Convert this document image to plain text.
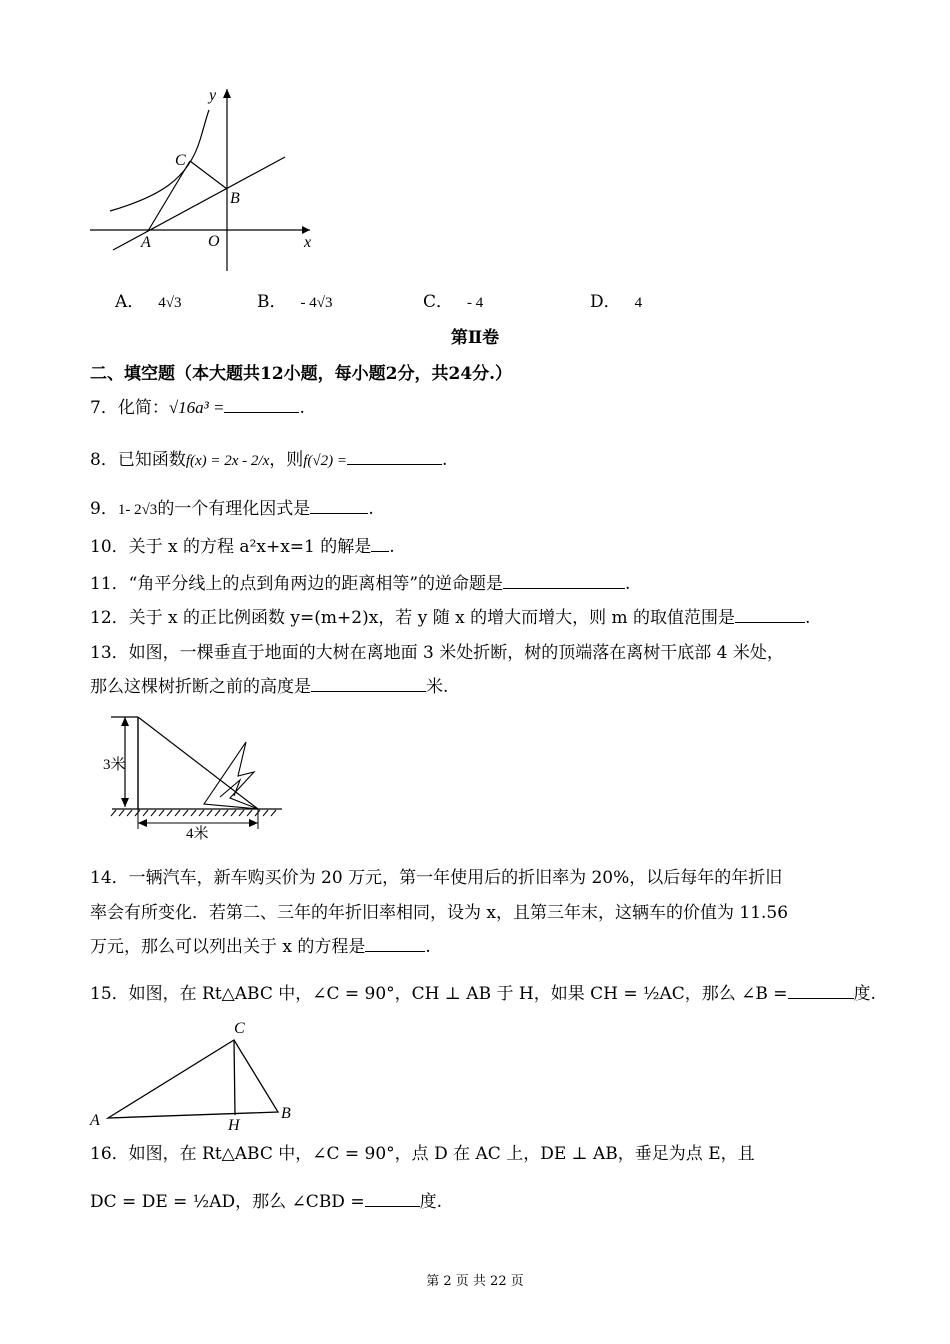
y
x
O
A
B
C
A． 4√3	B． - 4√3	C． - 4	D． 4
第Ⅱ卷
二、填空题（本大题共12小题，每小题2分，共24分.）
7．化简：√16a³ =	.
8．已知函数f(x) = 2x - 2/x，则f(√2) =	.
9．1- 2√3的一个有理化因式是	.
10．关于 x 的方程 a²x+x=1 的解是 .
11．“角平分线上的点到角两边的距离相等”的逆命题是	.
12．关于 x 的正比例函数 y=(m+2)x，若 y 随 x 的增大而增大，则 m 的取值范围是	.
13．如图，一棵垂直于地面的大树在离地面 3 米处折断，树的顶端落在离树干底部 4 米处，
那么这棵树折断之前的高度是	米.
3米
4米
14．一辆汽车，新车购买价为 20 万元，第一年使用后的折旧率为 20%，以后每年的年折旧
率会有所变化．若第二、三年的年折旧率相同，设为 x，且第三年末，这辆车的价值为 11.56
万元，那么可以列出关于 x 的方程是	.
15．如图，在 Rt△ABC 中，∠C = 90°，CH ⊥ AB 于 H，如果 CH = ½AC，那么 ∠B =	度.
C
A	B
H
16．如图，在 Rt△ABC 中，∠C = 90°，点 D 在 AC 上，DE ⊥ AB，垂足为点 E，且
DC = DE = ½AD，那么 ∠CBD =	度.
第 2 页 共 22 页
